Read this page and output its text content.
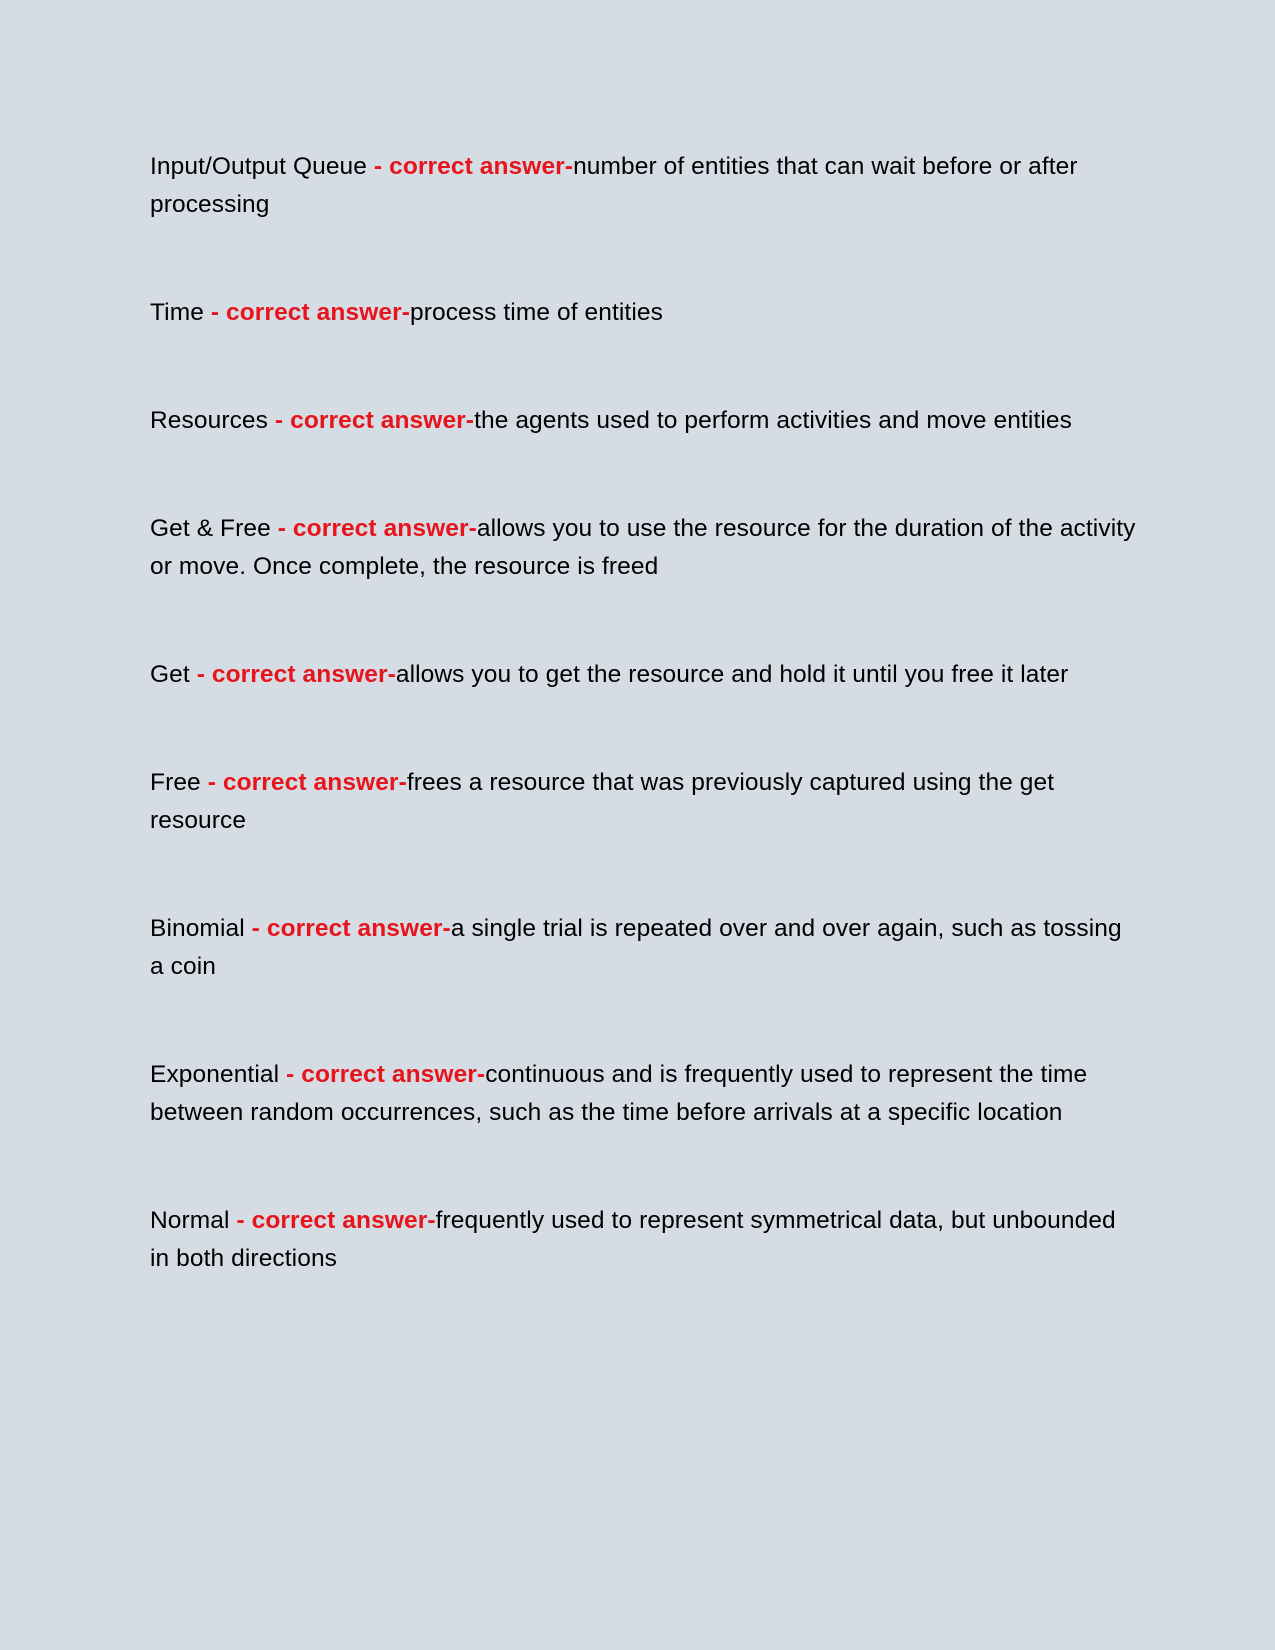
Input/Output Queue - correct answer-number of entities that can wait before or after processing

Time - correct answer-process time of entities

Resources - correct answer-the agents used to perform activities and move entities

Get & Free - correct answer-allows you to use the resource for the duration of the activity or move. Once complete, the resource is freed

Get - correct answer-allows you to get the resource and hold it until you free it later

Free - correct answer-frees a resource that was previously captured using the get resource

Binomial - correct answer-a single trial is repeated over and over again, such as tossing a coin

Exponential - correct answer-continuous and is frequently used to represent the time between random occurrences, such as the time before arrivals at a specific location

Normal - correct answer-frequently used to represent symmetrical data, but unbounded in both directions
